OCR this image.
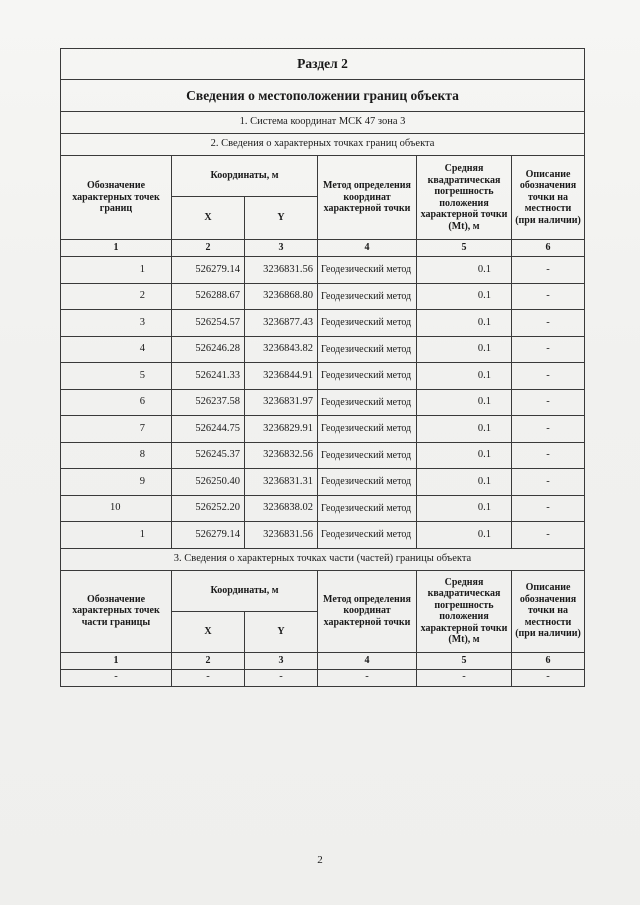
Раздел 2					
Сведения о местоположении границ объекта					
1. Система координат МСК 47 зона 3					
2. Сведения о характерных точках границ объекта					
Обозначение характерных точек границ	Координаты, м		Метод определения координат характерной точки	Средняя квадратическая погрешность положения характерной точки (Mt), м	Описание обозначения точки на местности (при наличии)
	X	Y			
1	2	3	4	5	6
1	526279.14	3236831.56	Геодезический метод	0.1	-
2	526288.67	3236868.80	Геодезический метод	0.1	-
3	526254.57	3236877.43	Геодезический метод	0.1	-
4	526246.28	3236843.82	Геодезический метод	0.1	-
5	526241.33	3236844.91	Геодезический метод	0.1	-
6	526237.58	3236831.97	Геодезический метод	0.1	-
7	526244.75	3236829.91	Геодезический метод	0.1	-
8	526245.37	3236832.56	Геодезический метод	0.1	-
9	526250.40	3236831.31	Геодезический метод	0.1	-
10	526252.20	3236838.02	Геодезический метод	0.1	-
1	526279.14	3236831.56	Геодезический метод	0.1	-
3. Сведения о характерных точках части (частей) границы объекта					
Обозначение характерных точек части границы	Координаты, м		Метод определения координат характерной точки	Средняя квадратическая погрешность положения характерной точки (Mt), м	Описание обозначения точки на местности (при наличии)
	X	Y			
1	2	3	4	5	6
-	-	-	-	-	-
2
